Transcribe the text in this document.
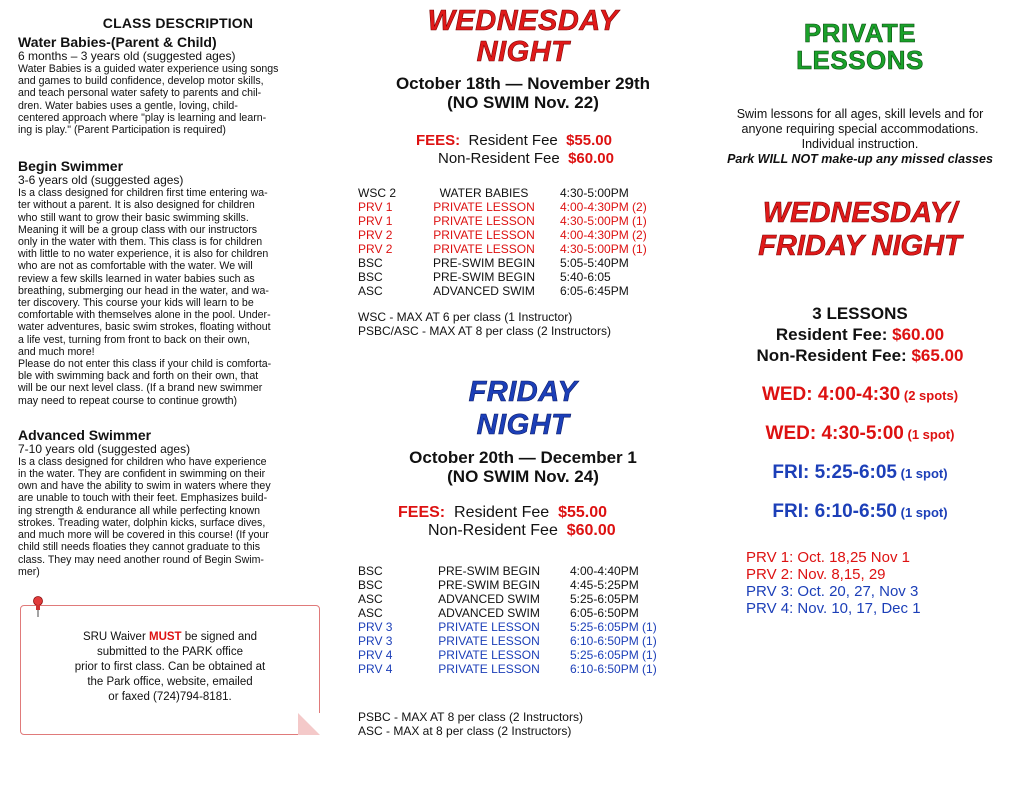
CLASS DESCRIPTION
Water Babies-(Parent & Child)
6 months – 3 years old (suggested ages)
Water Babies is a guided water experience using songs
and games to build confidence, develop motor skills,
and teach personal water safety to parents and chil-
dren. Water babies uses a gentle, loving, child-
centered approach where "play is learning and learn-
ing is play." (Parent Participation is required)
Begin Swimmer
3-6 years old (suggested ages)
Is a class designed for children first time entering wa-
ter without a parent. It is also designed for children
who still want to grow their basic swimming skills.
Meaning it will be a group class with our instructors
only in the water with them. This class is for children
with little to no water experience, it is also for children
who are not as comfortable with the water. We will
review a few skills learned in water babies such as
breathing, submerging our head in the water, and wa-
ter discovery. This course your kids will learn to be
comfortable with themselves alone in the pool. Under-
water adventures, basic swim strokes, floating without
a life vest, turning from front to back on their own,
and much more!
Please do not enter this class if your child is comforta-
ble with swimming back and forth on their own, that
will be our next level class. (If a brand new swimmer
may need to repeat course to continue growth)
Advanced Swimmer
7-10 years old (suggested ages)
Is a class designed for children who have experience
in the water. They are confident in swimming on their
own and have the ability to swim in waters where they
are unable to touch with their feet. Emphasizes build-
ing strength & endurance all while perfecting known
strokes. Treading water, dolphin kicks, surface dives,
and much more will be covered in this course! (If your
child still needs floaties they cannot graduate to this
class. They may need another round of Begin Swim-
mer)
SRU Waiver MUST be signed and
submitted to the PARK office
prior to first class. Can be obtained at
the Park office, website, emailed
or faxed (724)794-8181.
WEDNESDAY
NIGHT
October 18th — November 29th
(NO SWIM Nov. 22)
FEES: Resident Fee $55.00
Non-Resident Fee $60.00
WSC 2	WATER BABIES	4:30-5:00PM
PRV 1	PRIVATE LESSON	4:00-4:30PM (2)
PRV 1	PRIVATE LESSON	4:30-5:00PM (1)
PRV 2	PRIVATE LESSON	4:00-4:30PM (2)
PRV 2	PRIVATE LESSON	4:30-5:00PM (1)
BSC	PRE-SWIM BEGIN	5:05-5:40PM
BSC	PRE-SWIM BEGIN	5:40-6:05
ASC	ADVANCED SWIM	6:05-6:45PM
WSC - MAX AT 6 per class (1 Instructor)
PSBC/ASC - MAX AT 8 per class (2 Instructors)
FRIDAY
NIGHT
October 20th — December 1
(NO SWIM Nov. 24)
FEES: Resident Fee $55.00
Non-Resident Fee $60.00
BSC	PRE-SWIM BEGIN	4:00-4:40PM
BSC	PRE-SWIM BEGIN	4:45-5:25PM
ASC	ADVANCED SWIM	5:25-6:05PM
ASC	ADVANCED SWIM	6:05-6:50PM
PRV 3	PRIVATE LESSON	5:25-6:05PM (1)
PRV 3	PRIVATE LESSON	6:10-6:50PM (1)
PRV 4	PRIVATE LESSON	5:25-6:05PM (1)
PRV 4	PRIVATE LESSON	6:10-6:50PM (1)
PSBC - MAX AT 8 per class (2 Instructors)
ASC - MAX at 8 per class (2 Instructors)
PRIVATE
LESSONS
Swim lessons for all ages, skill levels and for
anyone requiring special accommodations.
Individual instruction.
Park WILL NOT make-up any missed classes
WEDNESDAY/
FRIDAY NIGHT
3 LESSONS
Resident Fee: $60.00
Non-Resident Fee: $65.00
WED: 4:00-4:30 (2 spots)
WED: 4:30-5:00 (1 spot)
FRI: 5:25-6:05 (1 spot)
FRI: 6:10-6:50 (1 spot)
PRV 1: Oct. 18,25 Nov 1
PRV 2: Nov. 8,15, 29
PRV 3: Oct. 20, 27, Nov 3
PRV 4: Nov. 10, 17, Dec 1
